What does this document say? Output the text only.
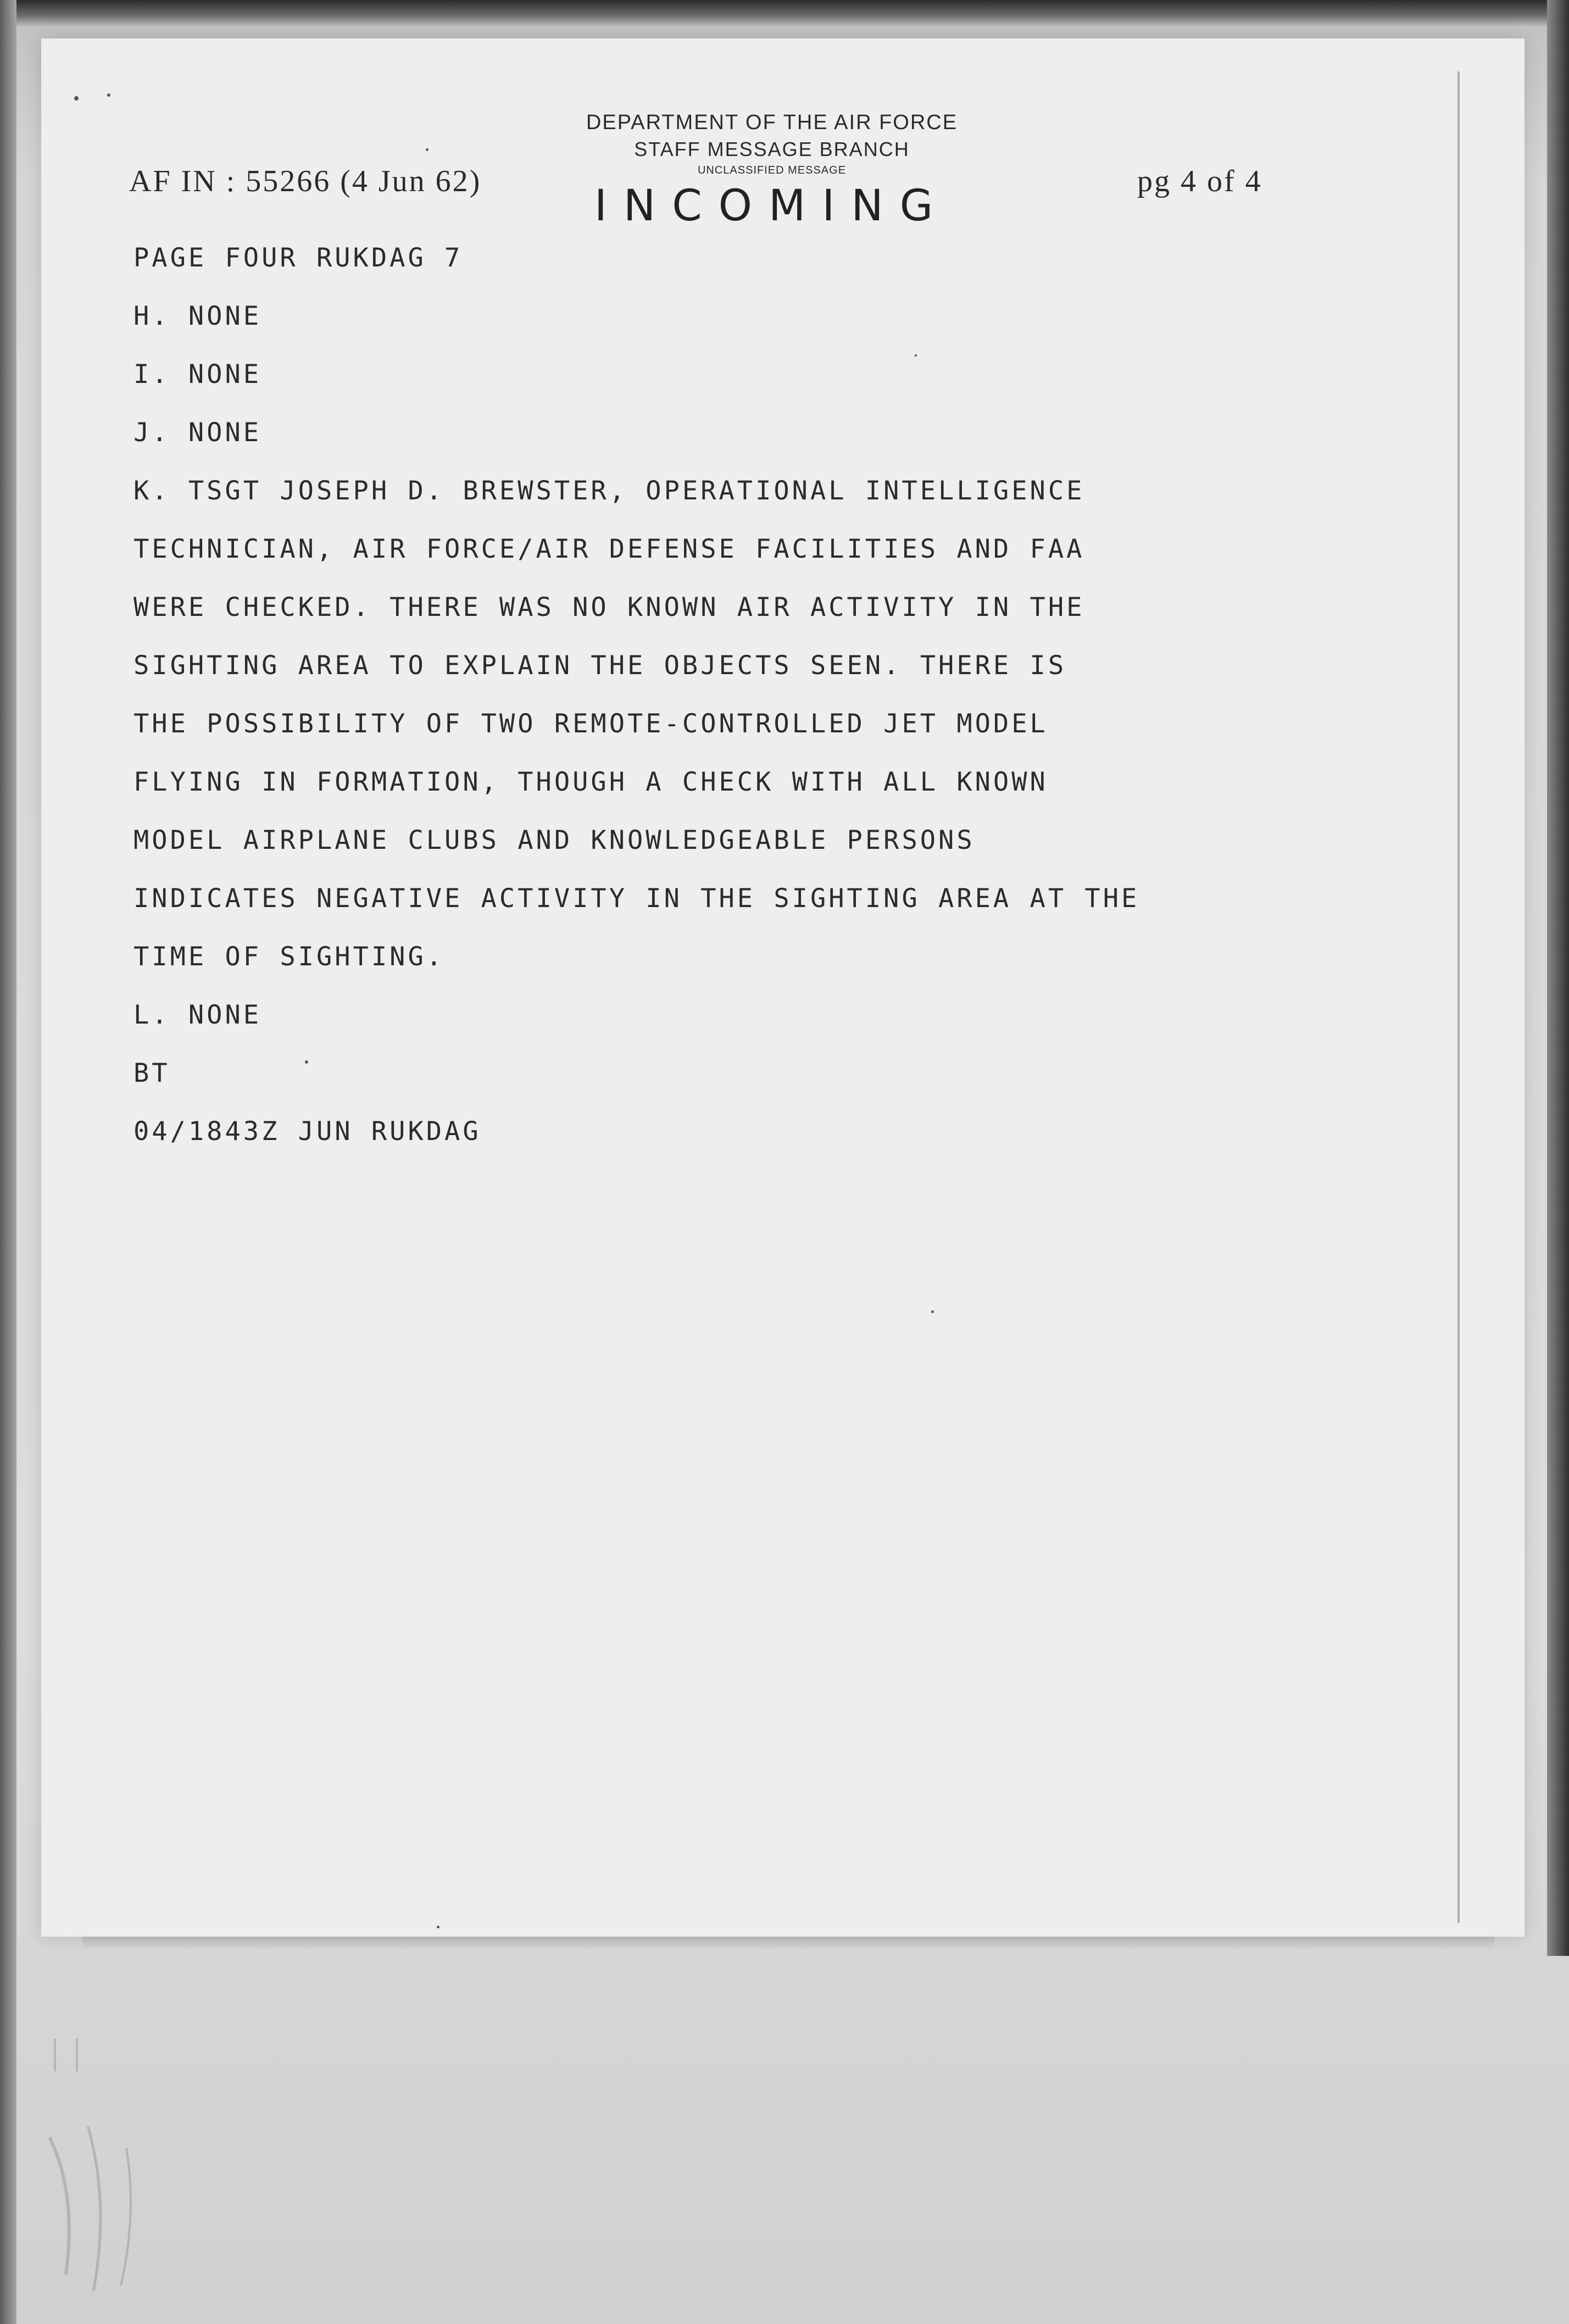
DEPARTMENT OF THE AIR FORCE
STAFF MESSAGE BRANCH
UNCLASSIFIED MESSAGE
INCOMING
AF IN : 55266 (4 Jun 62)	pg 4 of 4
PAGE FOUR RUKDAG 7
H. NONE
I. NONE
J. NONE
K. TSGT JOSEPH D. BREWSTER, OPERATIONAL INTELLIGENCE
TECHNICIAN, AIR FORCE/AIR DEFENSE FACILITIES AND FAA
WERE CHECKED. THERE WAS NO KNOWN AIR ACTIVITY IN THE
SIGHTING AREA TO EXPLAIN THE OBJECTS SEEN. THERE IS
THE POSSIBILITY OF TWO REMOTE-CONTROLLED JET MODEL
FLYING IN FORMATION, THOUGH A CHECK WITH ALL KNOWN
MODEL AIRPLANE CLUBS AND KNOWLEDGEABLE PERSONS
INDICATES NEGATIVE ACTIVITY IN THE SIGHTING AREA AT THE
TIME OF SIGHTING.
L. NONE
BT
04/1843Z JUN RUKDAG
